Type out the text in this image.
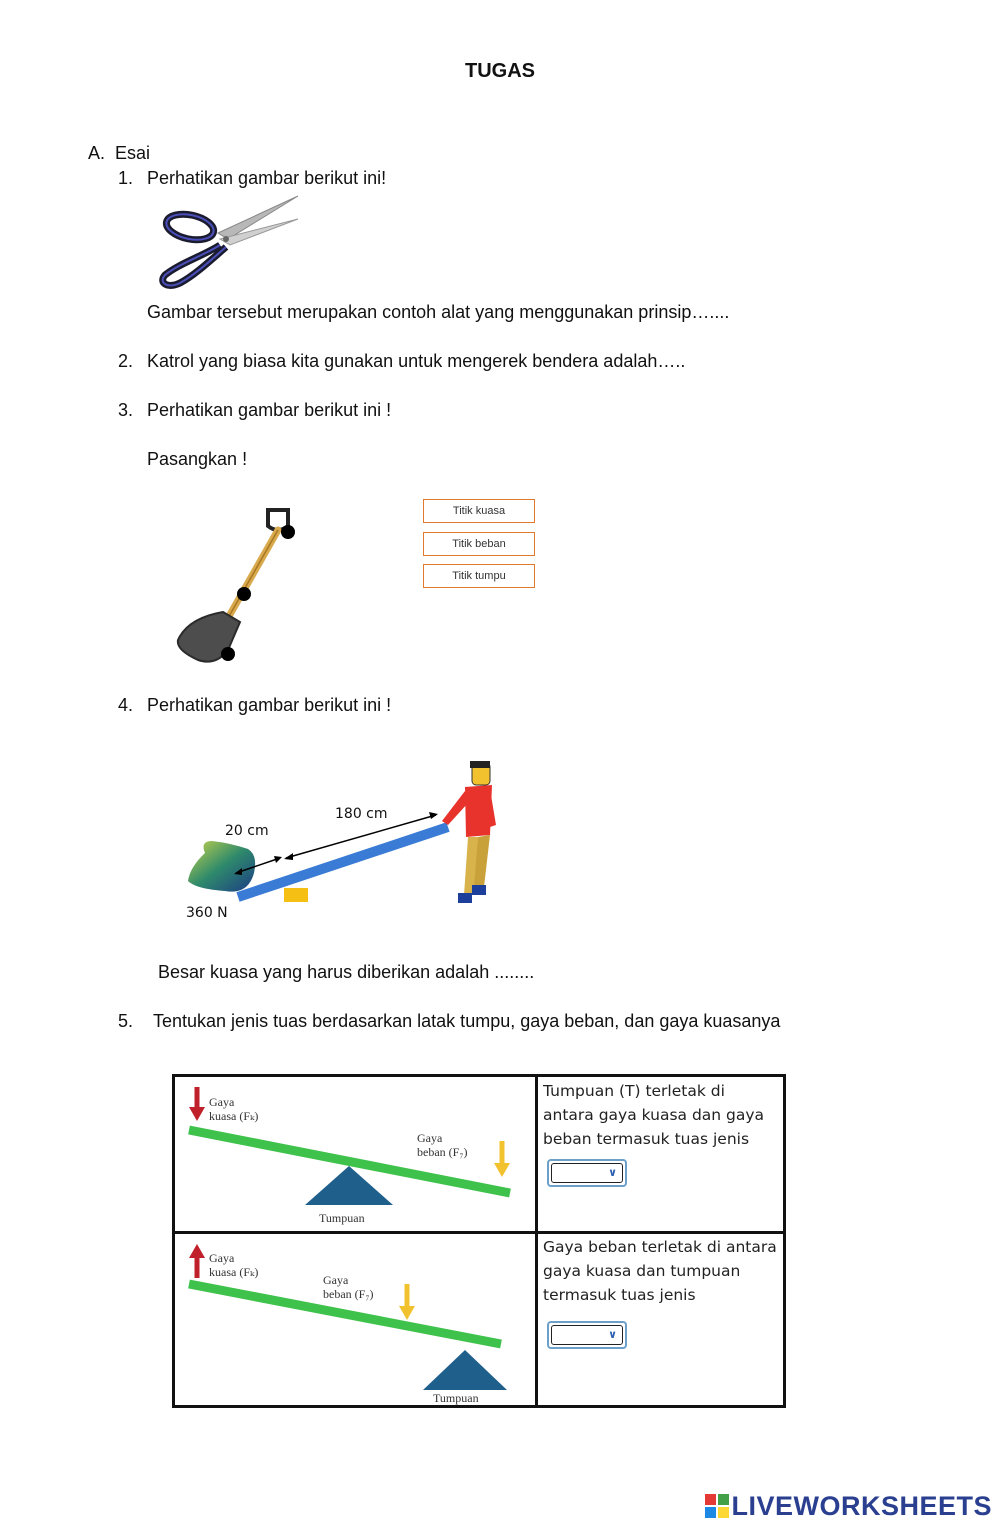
TUGAS
A. Esai
1. Perhatikan gambar berikut ini!
Gambar tersebut merupakan contoh alat yang menggunakan prinsip…....
2. Katrol yang biasa kita gunakan untuk mengerek bendera adalah…..
3. Perhatikan gambar berikut ini !
Pasangkan !
Titik kuasa
Titik beban
Titik tumpu
4. Perhatikan gambar berikut ini !
20 cm
180 cm
360 N
Besar kuasa yang harus diberikan adalah ........
5.	Tentukan jenis tuas berdasarkan latak tumpu, gaya beban, dan gaya kuasanya
Gaya
kuasa (Fₖ)
Gaya
beban (F₇)
Tumpuan
Tumpuan (T) terletak di antara gaya kuasa dan gaya beban termasuk tuas jenis
∨
Gaya
kuasa (Fₖ)
Gaya
beban (F₇)
Tumpuan
Gaya beban terletak di antara gaya kuasa dan tumpuan termasuk tuas jenis
∨
LIVEWORKSHEETS
